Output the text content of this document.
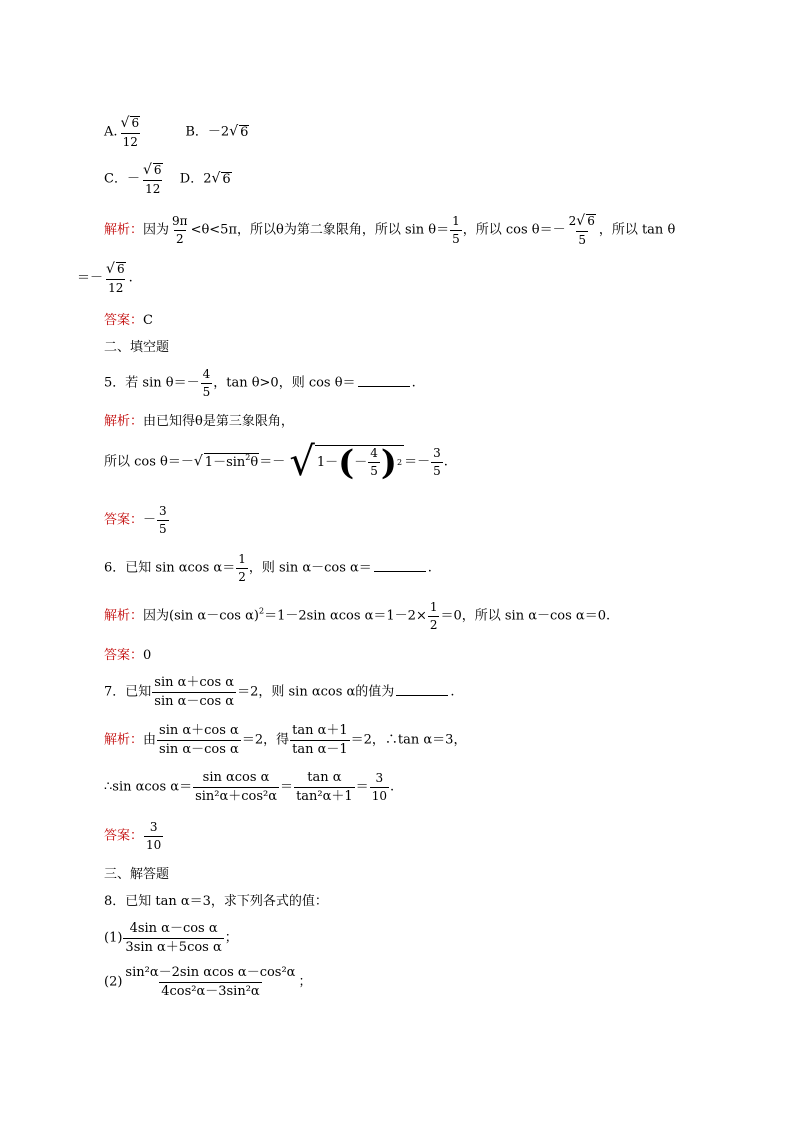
A. $\frac{√ 6}{12}$	B．－2√ 6
C．－ $\frac{√ 6}{12}$ D．2√ 6
解析：因为 $\frac{9\pi}{2} <\theta<5\pi$，所以θ为第二象限角，所以 $\sin \theta= \frac{1}{5}$ ，所以 $\cos \theta=- \frac{2√ 6}{5}$ ，所以 tan θ
＝－ $\frac{√ 6}{12}$ .
答案：C
二、填空题
5．若 $\sin \theta=- \frac{4}{5}$ ，tan θ>0，则 cos θ＝	.
解析：由已知得θ是第三象限角，
所以 cos θ＝－√ $1-\sin^2\theta=-$ √ 1－ ( － $\frac{4}{5}$ ) $2 =- \frac{3}{5}$ .
答案：－ $\frac{3}{5}$
6．已知 sin αcos $\alpha= \frac{1}{2}$ ，则 sin α－cos α＝	.
解析：因为(sin α－cos α)$^2$＝1－2sin αcos $\alpha=1-2\times \frac{1}{2} =0$，所以 sin α－cos α＝0.
答案：0
7．已知 $\frac{\text{sin α＋cos α}}{\text{sin α－cos α}} =2$，则 sin αcos α的值为	.
解析：由 $\frac{\text{sin α＋cos α}}{\text{sin α－cos α}} =2$，得 $\frac{\text{tan α＋1}}{\text{tan α－1}} =2$，∴tan α＝3，
∴sin αcos $\alpha= \frac{\text{sin αcos α}}{\text{sin²α＋cos²α}} = \frac{\text{tan α}}{\text{tan²α＋1}} = \frac{3}{10}$ .
答案： $\frac{3}{10}$
三、解答题
8．已知 tan α＝3，求下列各式的值：
$(1) \frac{\text{4sin α－cos α}}{\text{3sin α＋5cos α}}$ ；
$(2) \frac{\text{sin²α－2sin αcos α－cos²α}}{\text{4cos²α－3sin²α}}$ ；
